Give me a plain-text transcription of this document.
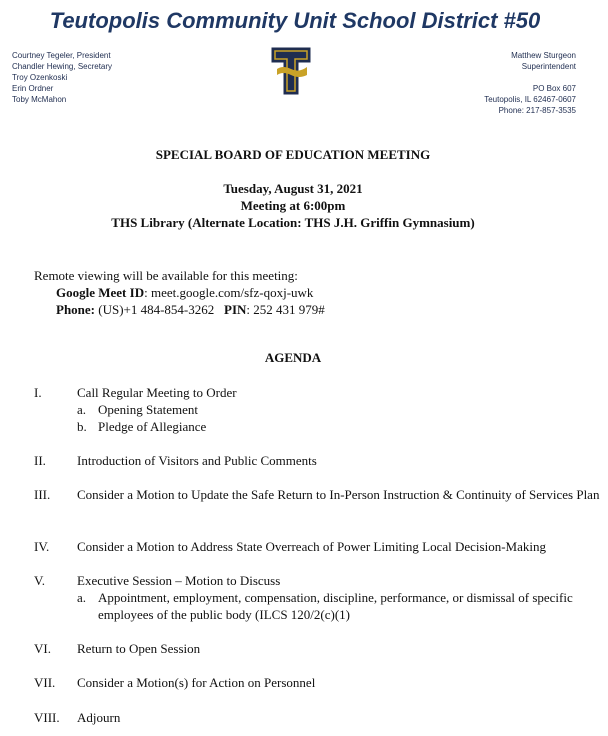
Teutopolis Community Unit School District #50
Courtney Tegeler, President
Chandler Hewing, Secretary
Troy Ozenkoski
Erin Ordner
Toby McMahon
Matthew Sturgeon
Superintendent
PO Box 607
Teutopolis, IL 62467-0607
Phone: 217-857-3535
SPECIAL BOARD OF EDUCATION MEETING
Tuesday, August 31, 2021
Meeting at 6:00pm
THS Library (Alternate Location: THS J.H. Griffin Gymnasium)
Remote viewing will be available for this meeting:
Google Meet ID: meet.google.com/sfz-qoxj-uwk
Phone: (US)+1 484-854-3262 PIN: 252 431 979#
AGENDA
I.	Call Regular Meeting to Order
a. Opening Statement
b. Pledge of Allegiance
II.	Introduction of Visitors and Public Comments
III.	Consider a Motion to Update the Safe Return to In-Person Instruction & Continuity of Services Plan
IV.	Consider a Motion to Address State Overreach of Power Limiting Local Decision-Making
V.	Executive Session – Motion to Discuss
a. Appointment, employment, compensation, discipline, performance, or dismissal of specific employees of the public body (ILCS 120/2(c)(1)
VI.	Return to Open Session
VII.	Consider a Motion(s) for Action on Personnel
VIII.	Adjourn
